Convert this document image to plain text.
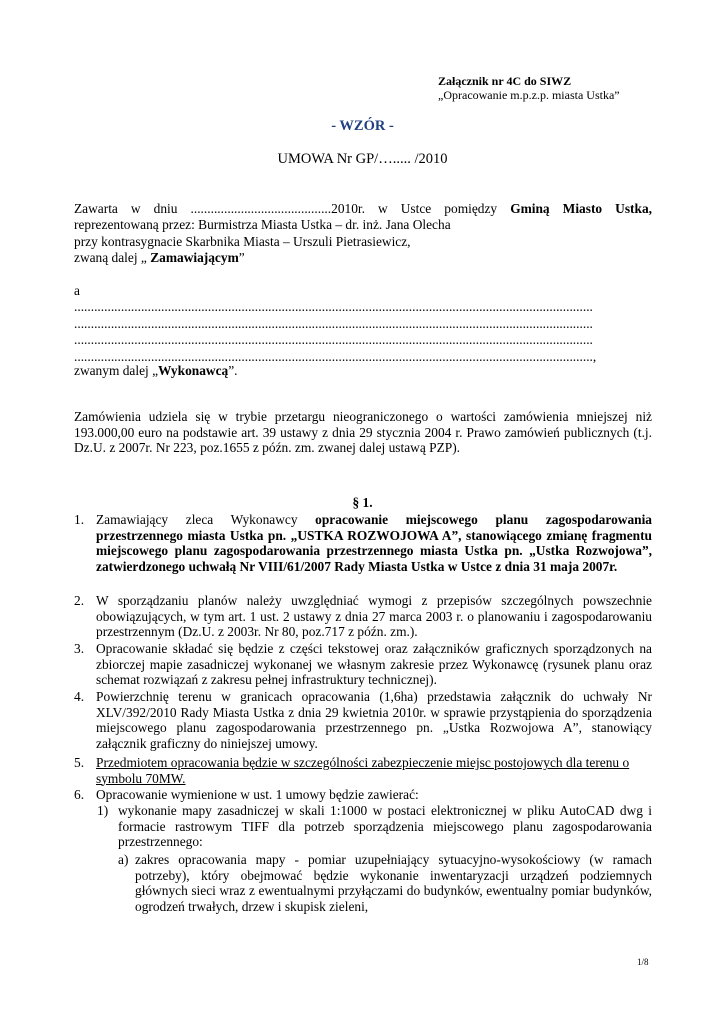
Załącznik nr 4C do SIWZ
„Opracowanie m.p.z.p. miasta Ustka”
- WZÓR -
UMOWA Nr GP/…..... /2010
Zawarta w dniu ..........................................2010r. w Ustce pomiędzy Gminą Miasto Ustka,
reprezentowaną przez: Burmistrza Miasta Ustka – dr. inż. Jana Olecha
przy kontrasygnacie Skarbnika Miasta – Urszuli Pietrasiewicz,
zwaną dalej „ Zamawiającym”
a
...........................................................................................................................................................
...........................................................................................................................................................
...........................................................................................................................................................
...........................................................................................................................................................,
zwanym dalej „Wykonawcą”.
Zamówienia udziela się w trybie przetargu nieograniczonego o wartości zamówienia mniejszej niż 193.000,00 euro na podstawie art. 39 ustawy z dnia 29 stycznia 2004 r. Prawo zamówień publicznych (t.j. Dz.U. z 2007r. Nr 223, poz.1655 z późn. zm. zwanej dalej ustawą PZP).
§ 1.
1. Zamawiający zleca Wykonawcy opracowanie miejscowego planu zagospodarowania przestrzennego miasta Ustka pn. „USTKA ROZWOJOWA A”, stanowiącego zmianę fragmentu miejscowego planu zagospodarowania przestrzennego miasta Ustka pn. „Ustka Rozwojowa”, zatwierdzonego uchwałą Nr VIII/61/2007 Rady Miasta Ustka w Ustce z dnia 31 maja 2007r.
2. W sporządzaniu planów należy uwzględniać wymogi z przepisów szczególnych powszechnie obowiązujących, w tym art. 1 ust. 2 ustawy z dnia 27 marca 2003 r. o planowaniu i zagospodarowaniu przestrzennym (Dz.U. z 2003r. Nr 80, poz.717 z późn. zm.).
3. Opracowanie składać się będzie z części tekstowej oraz załączników graficznych sporządzonych na zbiorczej mapie zasadniczej wykonanej we własnym zakresie przez Wykonawcę (rysunek planu oraz schemat rozwiązań z zakresu pełnej infrastruktury technicznej).
4. Powierzchnię terenu w granicach opracowania (1,6ha) przedstawia załącznik do uchwały Nr XLV/392/2010 Rady Miasta Ustka z dnia 29 kwietnia 2010r. w sprawie przystąpienia do sporządzenia miejscowego planu zagospodarowania przestrzennego pn. „Ustka Rozwojowa A”, stanowiący załącznik graficzny do niniejszej umowy.
5. Przedmiotem opracowania będzie w szczególności zabezpieczenie miejsc postojowych dla terenu o symbolu 70MW.
6. Opracowanie wymienione w ust. 1 umowy będzie zawierać:
1) wykonanie mapy zasadniczej w skali 1:1000 w postaci elektronicznej w pliku AutoCAD dwg i formacie rastrowym TIFF dla potrzeb sporządzenia miejscowego planu zagospodarowania przestrzennego:
a) zakres opracowania mapy - pomiar uzupełniający sytuacyjno-wysokościowy (w ramach potrzeby), który obejmować będzie wykonanie inwentaryzacji urządzeń podziemnych głównych sieci wraz z ewentualnymi przyłączami do budynków, ewentualny pomiar budynków, ogrodzeń trwałych, drzew i skupisk zieleni,
1/8
